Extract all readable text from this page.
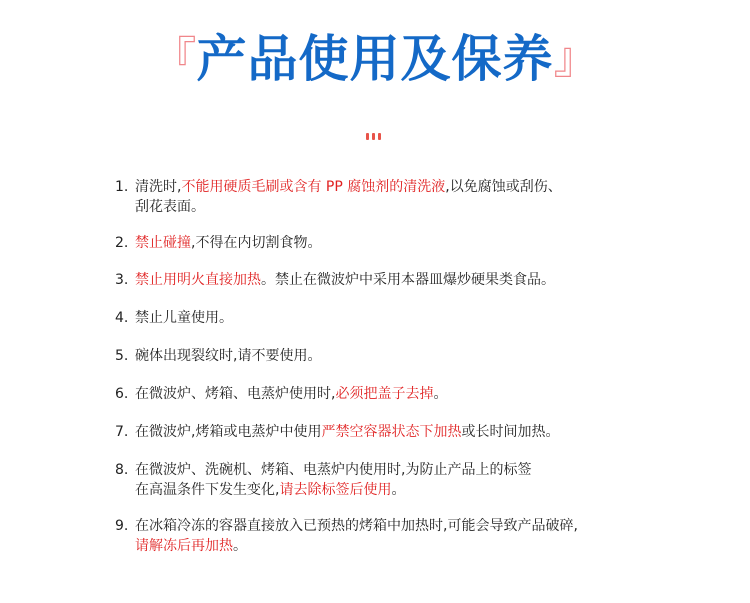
『产品使用及保养』
1. 清洗时,不能用硬质毛刷或含有 PP 腐蚀剂的清洗液,以免腐蚀或刮伤、
刮花表面。
2. 禁止碰撞,不得在内切割食物。
3. 禁止用明火直接加热。禁止在微波炉中采用本器皿爆炒硬果类食品。
4. 禁止儿童使用。
5. 碗体出现裂纹时,请不要使用。
6. 在微波炉、烤箱、电蒸炉使用时,必须把盖子去掉。
7. 在微波炉,烤箱或电蒸炉中使用严禁空容器状态下加热或长时间加热。
8. 在微波炉、洗碗机、烤箱、电蒸炉内使用时,为防止产品上的标签
在高温条件下发生变化,请去除标签后使用。
9. 在冰箱冷冻的容器直接放入已预热的烤箱中加热时,可能会导致产品破碎,
请解冻后再加热。
